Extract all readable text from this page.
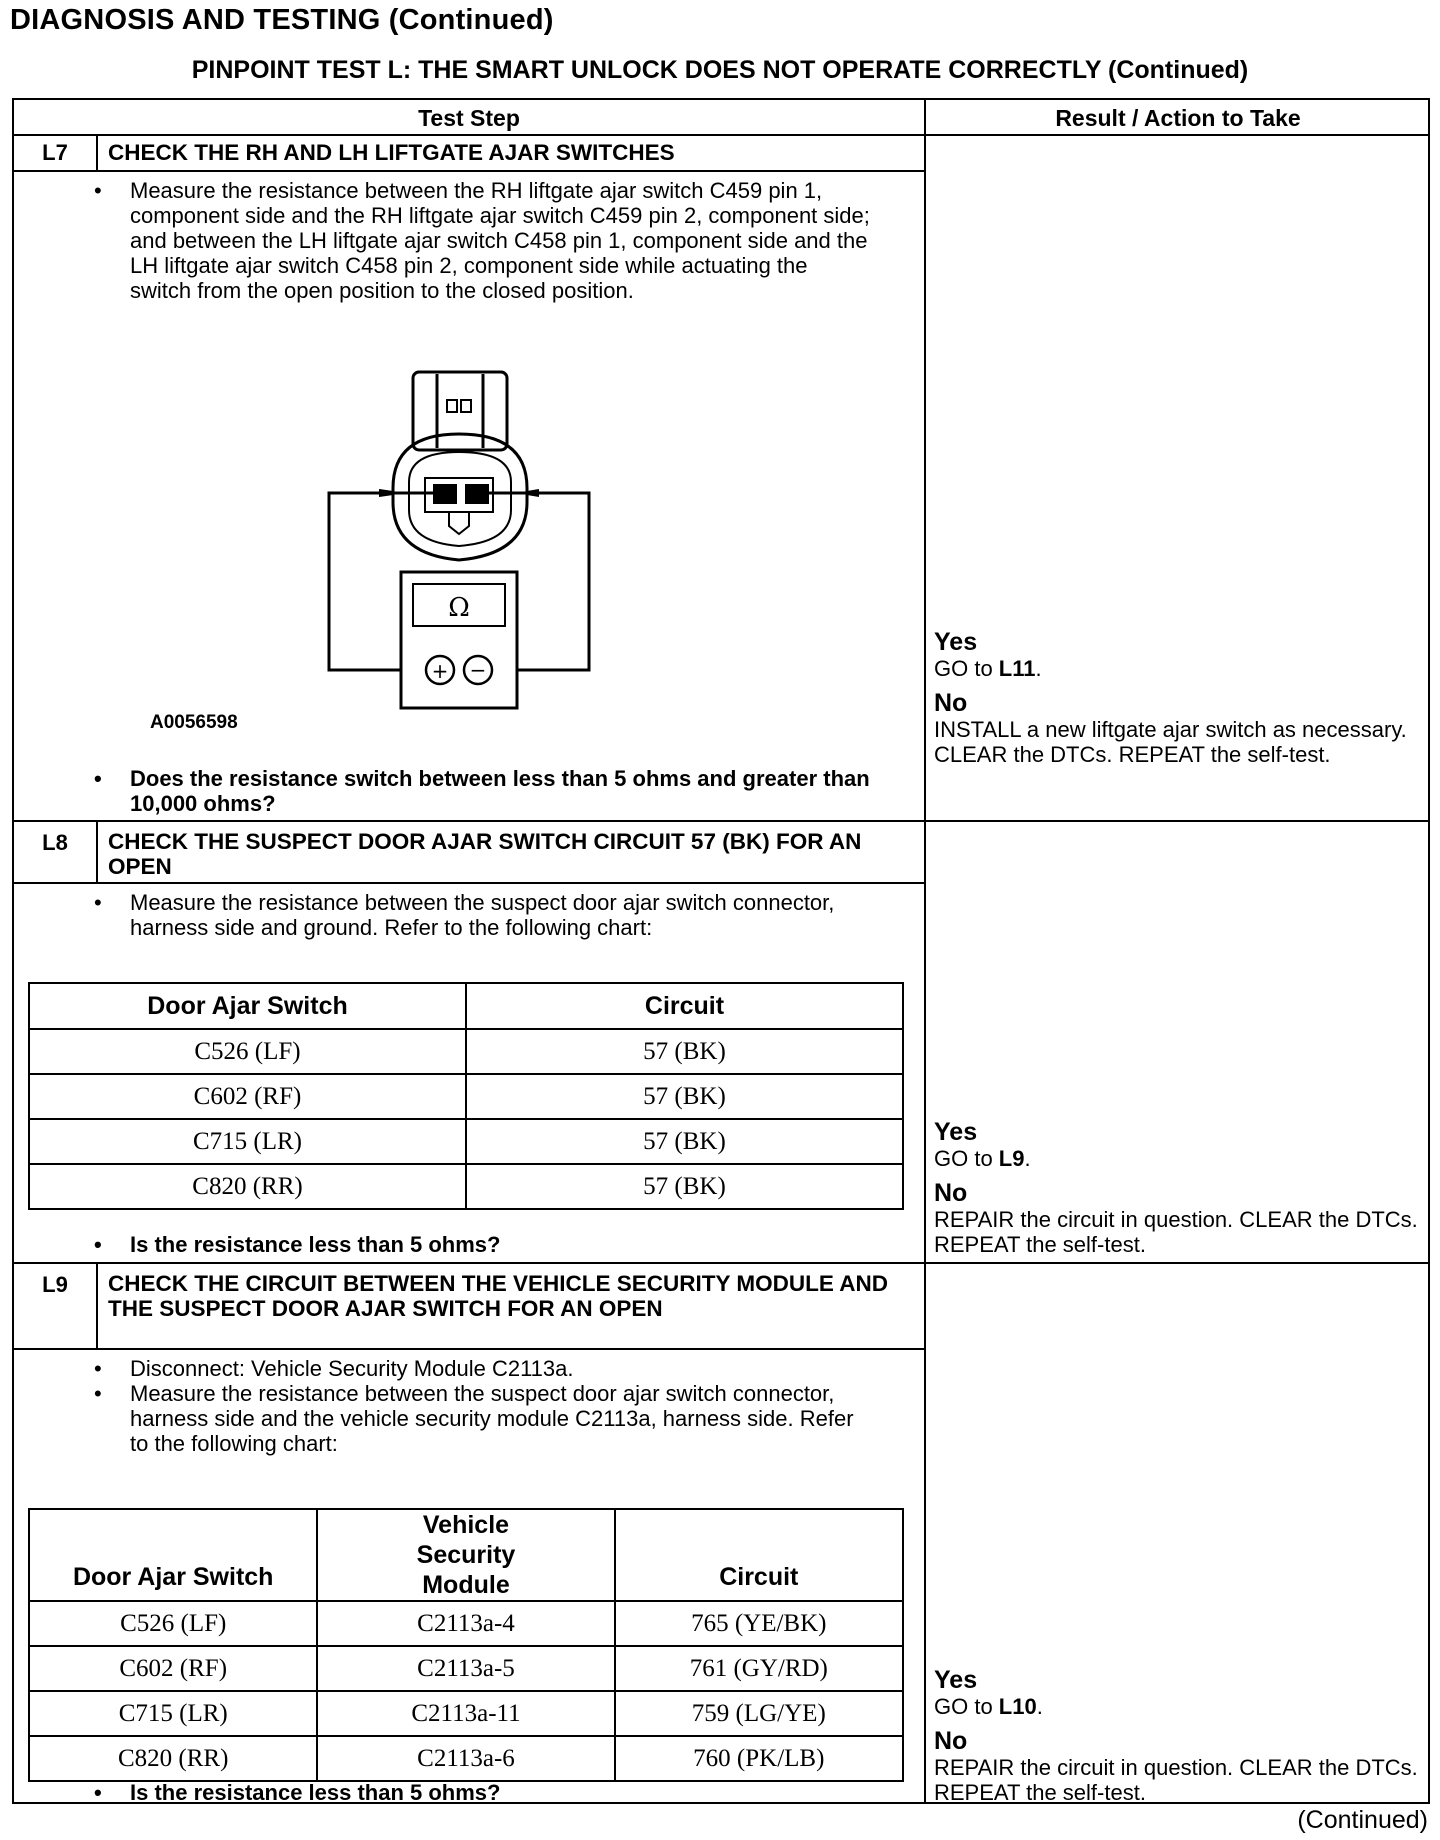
DIAGNOSIS AND TESTING (Continued)
PINPOINT TEST L: THE SMART UNLOCK DOES NOT OPERATE CORRECTLY (Continued)
Test Step	Result / Action to Take
L7	CHECK THE RH AND LH LIFTGATE AJAR SWITCHES
•	Measure the resistance between the RH liftgate ajar switch C459 pin 1, component side and the RH liftgate ajar switch C459 pin 2, component side; and between the LH liftgate ajar switch C458 pin 1, component side and the LH liftgate ajar switch C458 pin 2, component side while actuating the switch from the open position to the closed position.
Ω
+ −
A0056598
•	Does the resistance switch between less than 5 ohms and greater than 10,000 ohms?
Yes
GO to L11.
No
INSTALL a new liftgate ajar switch as necessary. CLEAR the DTCs. REPEAT the self-test.
L8	CHECK THE SUSPECT DOOR AJAR SWITCH CIRCUIT 57 (BK) FOR AN OPEN
•	Measure the resistance between the suspect door ajar switch connector, harness side and ground. Refer to the following chart:
Door Ajar Switch	Circuit
C526 (LF)	57 (BK)
C602 (RF)	57 (BK)
C715 (LR)	57 (BK)
C820 (RR)	57 (BK)
•	Is the resistance less than 5 ohms?
Yes
GO to L9.
No
REPAIR the circuit in question. CLEAR the DTCs. REPEAT the self-test.
L9	CHECK THE CIRCUIT BETWEEN THE VEHICLE SECURITY MODULE AND THE SUSPECT DOOR AJAR SWITCH FOR AN OPEN
•	Disconnect: Vehicle Security Module C2113a.
•	Measure the resistance between the suspect door ajar switch connector, harness side and the vehicle security module C2113a, harness side. Refer to the following chart:
Door Ajar Switch	Vehicle Security Module	Circuit
C526 (LF)	C2113a-4	765 (YE/BK)
C602 (RF)	C2113a-5	761 (GY/RD)
C715 (LR)	C2113a-11	759 (LG/YE)
C820 (RR)	C2113a-6	760 (PK/LB)
•	Is the resistance less than 5 ohms?
Yes
GO to L10.
No
REPAIR the circuit in question. CLEAR the DTCs. REPEAT the self-test.
(Continued)
